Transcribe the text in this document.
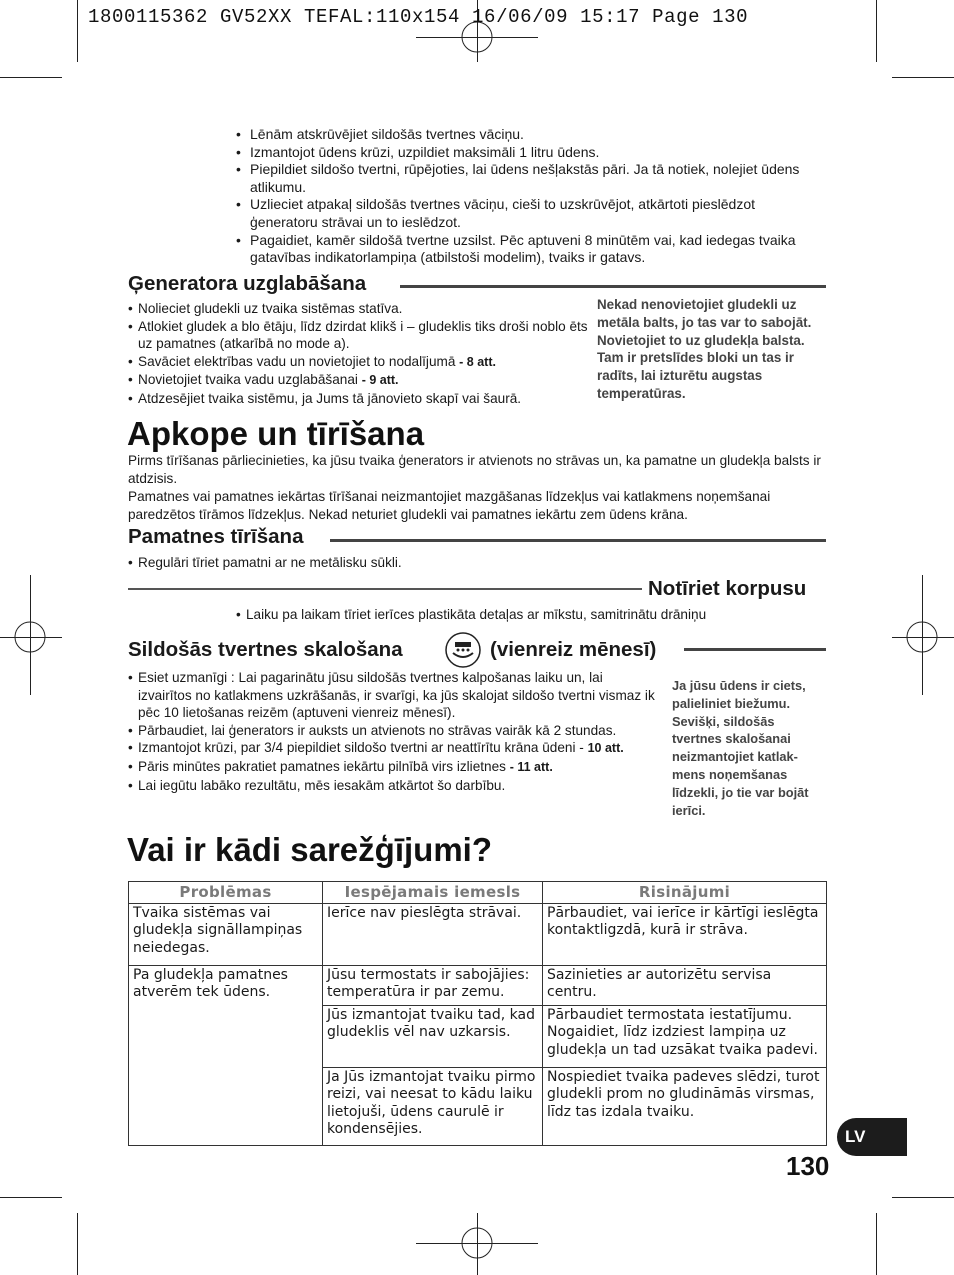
1800115362 GV52XX TEFAL:110x154 16/06/09 15:17 Page 130
• Lēnām atskrūvējiet sildošās tvertnes vāciņu.
• Izmantojot ūdens krūzi, uzpildiet maksimāli 1 litru ūdens.
• Piepildiet sildošo tvertni, rūpējoties, lai ūdens nešļakstās pāri. Ja tā notiek, nolejiet ūdens atlikumu.
• Uzlieciet atpakaļ sildošās tvertnes vāciņu, cieši to uzskrūvējot, atkārtoti pieslēdzot ģeneratoru strāvai un to ieslēdzot.
• Pagaidiet, kamēr sildošā tvertne uzsilst. Pēc aptuveni 8 minūtēm vai, kad iedegas tvaika gatavības indikatorlampiņa (atbilstoši modelim), tvaiks ir gatavs.
Ģeneratora uzglabāšana
• Nolieciet gludekli uz tvaika sistēmas statīva.
• Atlokiet gludek a blo ētāju, līdz dzirdat klikš i – gludeklis tiks droši noblo ēts uz pamatnes (atkarībā no mode a).
• Savāciet elektrības vadu un novietojiet to nodalījumā - 8 att.
• Novietojiet tvaika vadu uzglabāšanai - 9 att.
• Atdzesējiet tvaika sistēmu, ja Jums tā jānovieto skapī vai šaurā.
Nekad nenovietojiet gludekli uz metāla balts, jo tas var to sabojāt. Novietojiet to uz gludekļa balsta. Tam ir pretslīdes bloki un tas ir radīts, lai izturētu augstas temperatūras.
Apkope un tīrīšana
Pirms tīrīšanas pārliecinieties, ka jūsu tvaika ģenerators ir atvienots no strāvas un, ka pamatne un gludekļa balsts ir atdzisis.
Pamatnes vai pamatnes iekārtas tīrīšanai neizmantojiet mazgāšanas līdzekļus vai katlakmens noņemšanai paredzētos tīrāmos līdzekļus. Nekad neturiet gludekli vai pamatnes iekārtu zem ūdens krāna.
Pamatnes tīrīšana
• Regulāri tīriet pamatni ar ne metālisku sūkli.
Notīriet korpusu
• Laiku pa laikam tīriet ierīces plastikāta detaļas ar mīkstu, samitrinātu drāniņu
Sildošās tvertnes skalošana	(vienreiz mēnesī)
• Esiet uzmanīgi : Lai pagarinātu jūsu sildošās tvertnes kalpošanas laiku un, lai izvairītos no katlakmens uzkrāšanās, ir svarīgi, ka jūs skalojat sildošo tvertni vismaz ik pēc 10 lietošanas reizēm (aptuveni vienreiz mēnesī).
• Pārbaudiet, lai ģenerators ir auksts un atvienots no strāvas vairāk kā 2 stundas.
• Izmantojot krūzi, par 3/4 piepildiet sildošo tvertni ar neattīrītu krāna ūdeni - 10 att.
• Pāris minūtes pakratiet pamatnes iekārtu pilnībā virs izlietnes - 11 att.
• Lai iegūtu labāko rezultātu, mēs iesakām atkārtot šo darbību.
Ja jūsu ūdens ir ciets, palieliniet biežumu. Sevišķi, sildošās tvertnes skalošanai neizmantojiet katlak-mens noņemšanas līdzekli, jo tie var bojāt ierīci.
Vai ir kādi sarežģījumi?
Problēmas	Iespējamais iemesls	Risinājumi
Tvaika sistēmas vai gludekļa signāllampiņas neiedegas.	Ierīce nav pieslēgta strāvai.	Pārbaudiet, vai ierīce ir kārtīgi ieslēgta kontaktligzdā, kurā ir strāva.
Pa gludekļa pamatnes atverēm tek ūdens.	Jūsu termostats ir sabojājies: temperatūra ir par zemu.	Sazinieties ar autorizētu servisa centru.
	Jūs izmantojat tvaiku tad, kad gludeklis vēl nav uzkarsis.	Pārbaudiet termostata iestatījumu. Nogaidiet, līdz izdziest lampiņa uz gludekļa un tad uzsākat tvaika padevi.
	Ja Jūs izmantojat tvaiku pirmo reizi, vai neesat to kādu laiku lietojuši, ūdens caurulē ir kondensējies.	Nospiediet tvaika padeves slēdzi, turot gludekli prom no gludināmās virsmas, līdz tas izdala tvaiku.
LV
130
